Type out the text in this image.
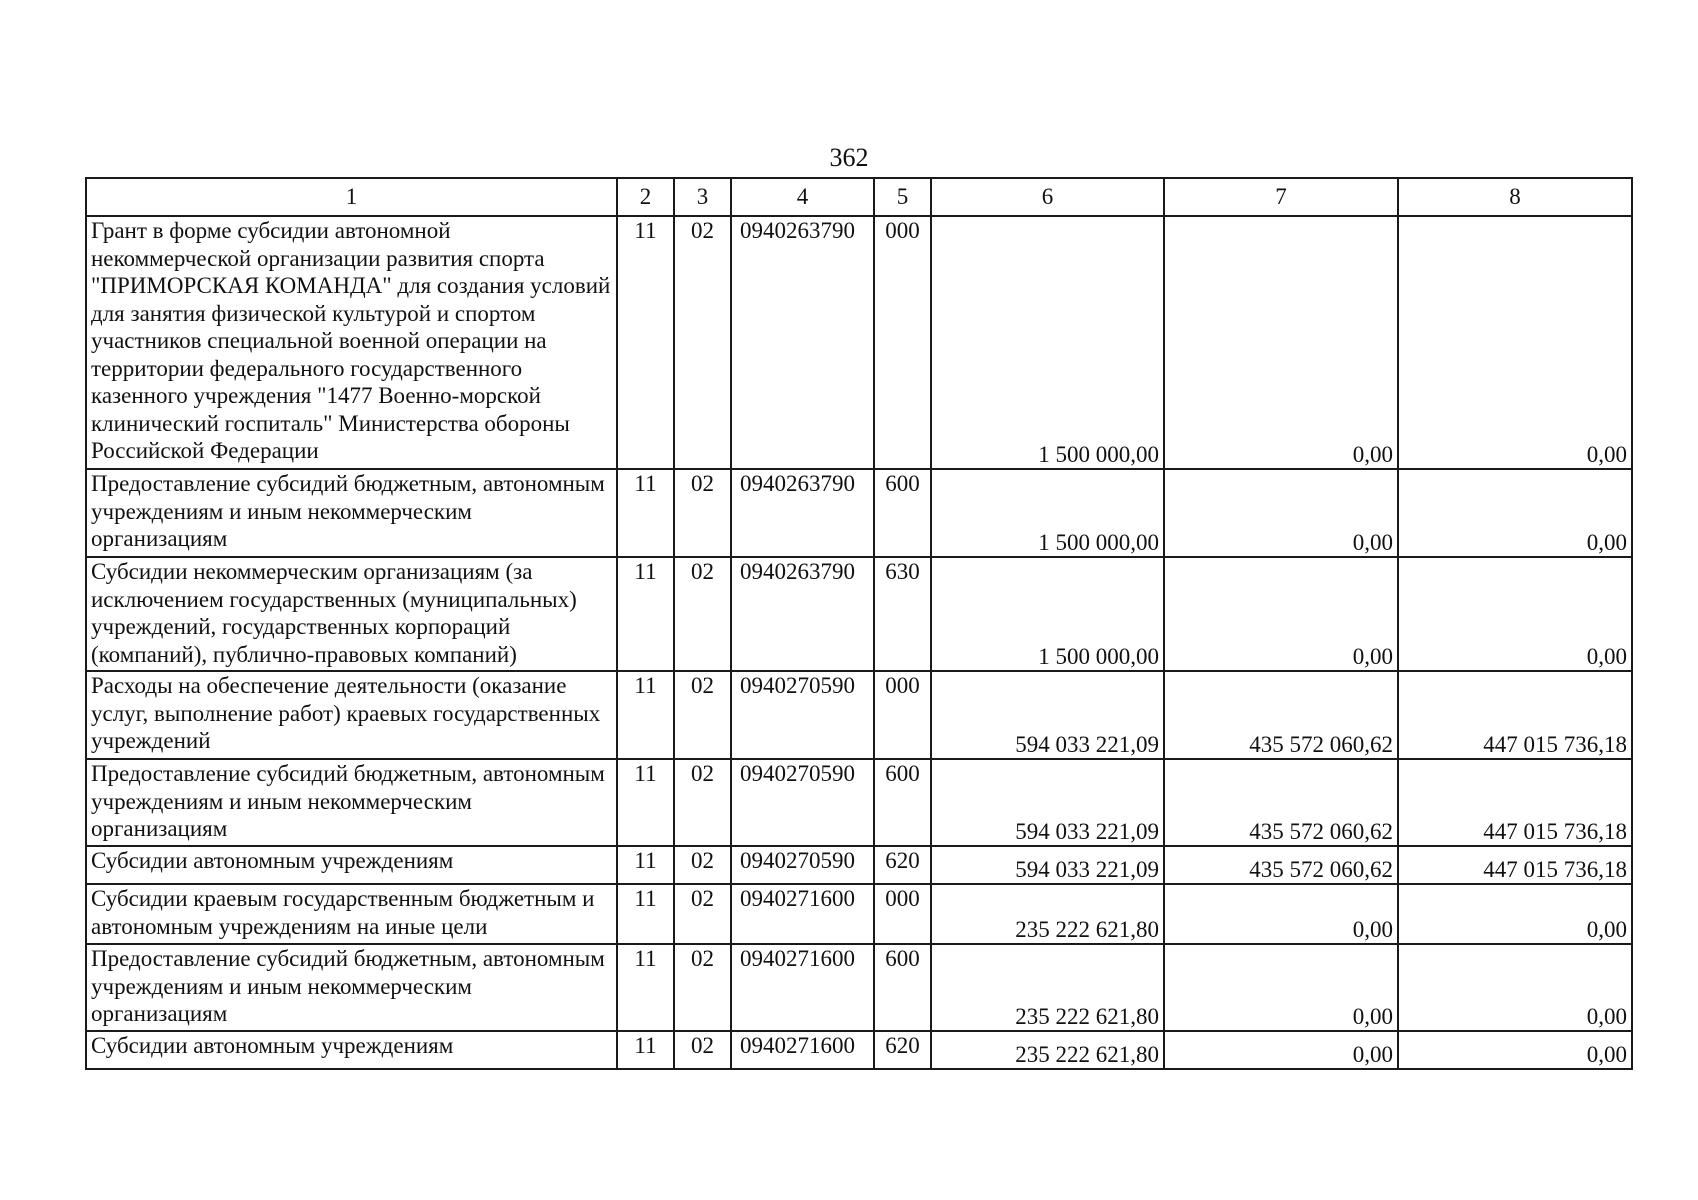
362
1	2	3	4	5	6	7	8
Грант в форме субсидии автономной некоммерческой организации развития спорта "ПРИМОРСКАЯ КОМАНДА" для создания условий для занятия физической культурой и спортом участников специальной военной операции на территории федерального государственного казенного учреждения "1477 Военно-морской клинический госпиталь" Министерства обороны Российской Федерации	11	02	0940263790	000	1 500 000,00	0,00	0,00
Предоставление субсидий бюджетным, автономным учреждениям и иным некоммерческим организациям	11	02	0940263790	600	1 500 000,00	0,00	0,00
Субсидии некоммерческим организациям (за исключением государственных (муниципальных) учреждений, государственных корпораций (компаний), публично-правовых компаний)	11	02	0940263790	630	1 500 000,00	0,00	0,00
Расходы на обеспечение деятельности (оказание услуг, выполнение работ) краевых государственных учреждений	11	02	0940270590	000	594 033 221,09	435 572 060,62	447 015 736,18
Предоставление субсидий бюджетным, автономным учреждениям и иным некоммерческим организациям	11	02	0940270590	600	594 033 221,09	435 572 060,62	447 015 736,18
Субсидии автономным учреждениям	11	02	0940270590	620	594 033 221,09	435 572 060,62	447 015 736,18
Субсидии краевым государственным бюджетным и автономным учреждениям на иные цели	11	02	0940271600	000	235 222 621,80	0,00	0,00
Предоставление субсидий бюджетным, автономным учреждениям и иным некоммерческим организациям	11	02	0940271600	600	235 222 621,80	0,00	0,00
Субсидии автономным учреждениям	11	02	0940271600	620	235 222 621,80	0,00	0,00
